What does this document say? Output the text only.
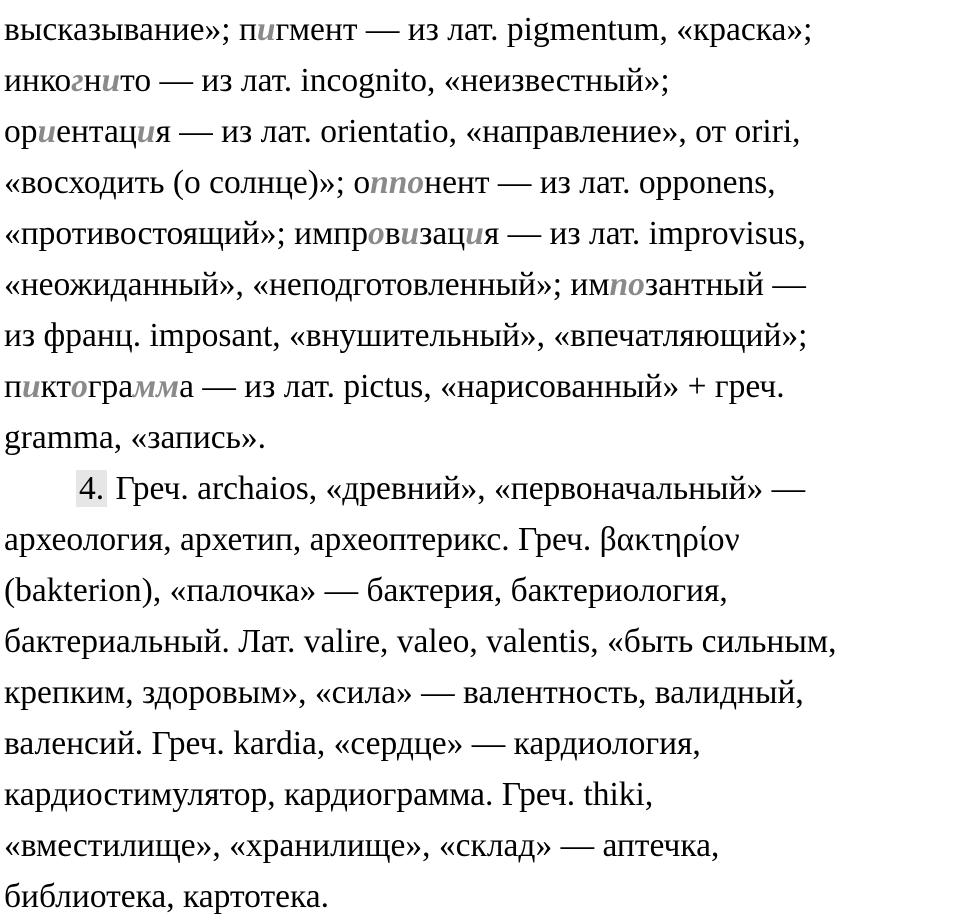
высказывание»; пигмент — из лат. pigmentum, «краска»;
инкогнито — из лат. incognito, «неизвестный»;
ориентация — из лат. orientatio, «направление», от oriri,
«восходить (о солнце)»; оппонент — из лат. opponens,
«противостоящий»; импровизация — из лат. improvisus,
«неожиданный», «неподготовленный»; импозантный —
из франц. imposant, «внушительный», «впечатляющий»;
пиктограмма — из лат. pictus, «нарисованный» + греч.
gramma, «запись».
4. Греч. archaios, «древний», «первоначальный» —
археология, архетип, археоптерикс. Греч. βακτηρίον
(bakterion), «палочка» — бактерия, бактериология,
бактериальный. Лат. valire, valeo, valentis, «быть сильным,
крепким, здоровым», «сила» — валентность, валидный,
валенсий. Греч. kardia, «сердце» — кардиология,
кардиостимулятор, кардиограмма. Греч. thiki,
«вместилище», «хранилище», «склад» — аптечка,
библиотека, картотека.
